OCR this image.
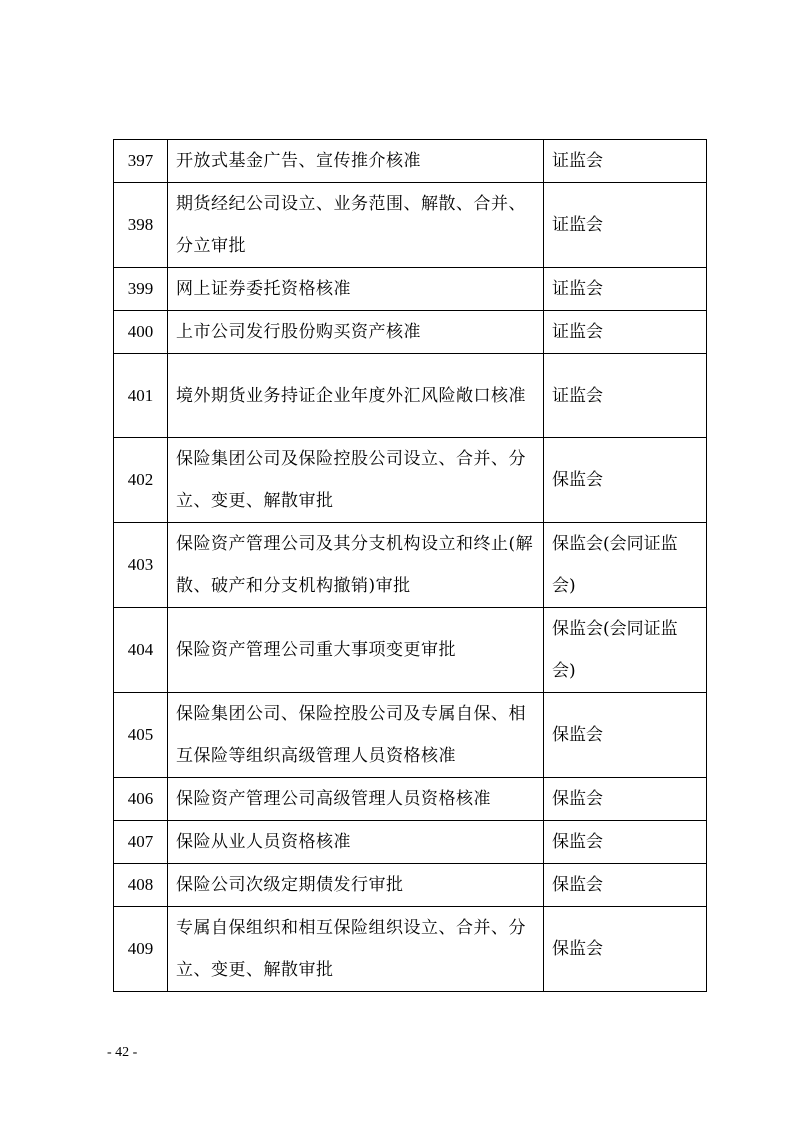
397	开放式基金广告、宣传推介核准	证监会
398	期货经纪公司设立、业务范围、解散、合并、分立审批	证监会
399	网上证券委托资格核准	证监会
400	上市公司发行股份购买资产核准	证监会
401	境外期货业务持证企业年度外汇风险敞口核准	证监会
402	保险集团公司及保险控股公司设立、合并、分立、变更、解散审批	保监会
403	保险资产管理公司及其分支机构设立和终止(解散、破产和分支机构撤销)审批	保监会(会同证监会)
404	保险资产管理公司重大事项变更审批	保监会(会同证监会)
405	保险集团公司、保险控股公司及专属自保、相互保险等组织高级管理人员资格核准	保监会
406	保险资产管理公司高级管理人员资格核准	保监会
407	保险从业人员资格核准	保监会
408	保险公司次级定期债发行审批	保监会
409	专属自保组织和相互保险组织设立、合并、分立、变更、解散审批	保监会
- 42 -
